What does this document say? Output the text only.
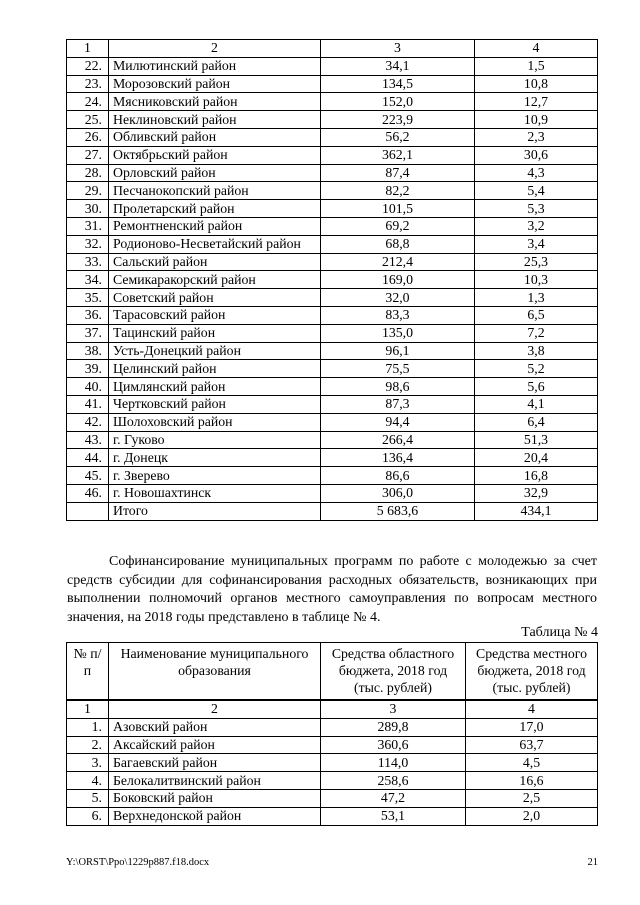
1	2	3	4
22.	Милютинский район	34,1	1,5
23.	Морозовский район	134,5	10,8
24.	Мясниковский район	152,0	12,7
25.	Неклиновский район	223,9	10,9
26.	Обливский район	56,2	2,3
27.	Октябрьский район	362,1	30,6
28.	Орловский район	87,4	4,3
29.	Песчанокопский район	82,2	5,4
30.	Пролетарский район	101,5	5,3
31.	Ремонтненский район	69,2	3,2
32.	Родионово-Несветайский район	68,8	3,4
33.	Сальский район	212,4	25,3
34.	Семикаракорский район	169,0	10,3
35.	Советский район	32,0	1,3
36.	Тарасовский район	83,3	6,5
37.	Тацинский район	135,0	7,2
38.	Усть-Донецкий район	96,1	3,8
39.	Целинский район	75,5	5,2
40.	Цимлянский район	98,6	5,6
41.	Чертковский район	87,3	4,1
42.	Шолоховский район	94,4	6,4
43.	г. Гуково	266,4	51,3
44.	г. Донецк	136,4	20,4
45.	г. Зверево	86,6	16,8
46.	г. Новошахтинск	306,0	32,9
	Итого	5 683,6	434,1

Софинансирование муниципальных программ по работе с молодежью за счет средств субсидии для софинансирования расходных обязательств, возникающих при выполнении полномочий органов местного самоуправления по вопросам местного значения, на 2018 годы представлено в таблице № 4.

Таблица № 4
№ п/п	Наименование муниципального образования	Средства областного бюджета, 2018 год (тыс. рублей)	Средства местного бюджета, 2018 год (тыс. рублей)
1	2	3	4
1.	Азовский район	289,8	17,0
2.	Аксайский район	360,6	63,7
3.	Багаевский район	114,0	4,5
4.	Белокалитвинский район	258,6	16,6
5.	Боковский район	47,2	2,5
6.	Верхнедонской район	53,1	2,0
Y:\ORST\Ppo\1229p887.f18.docx	21
